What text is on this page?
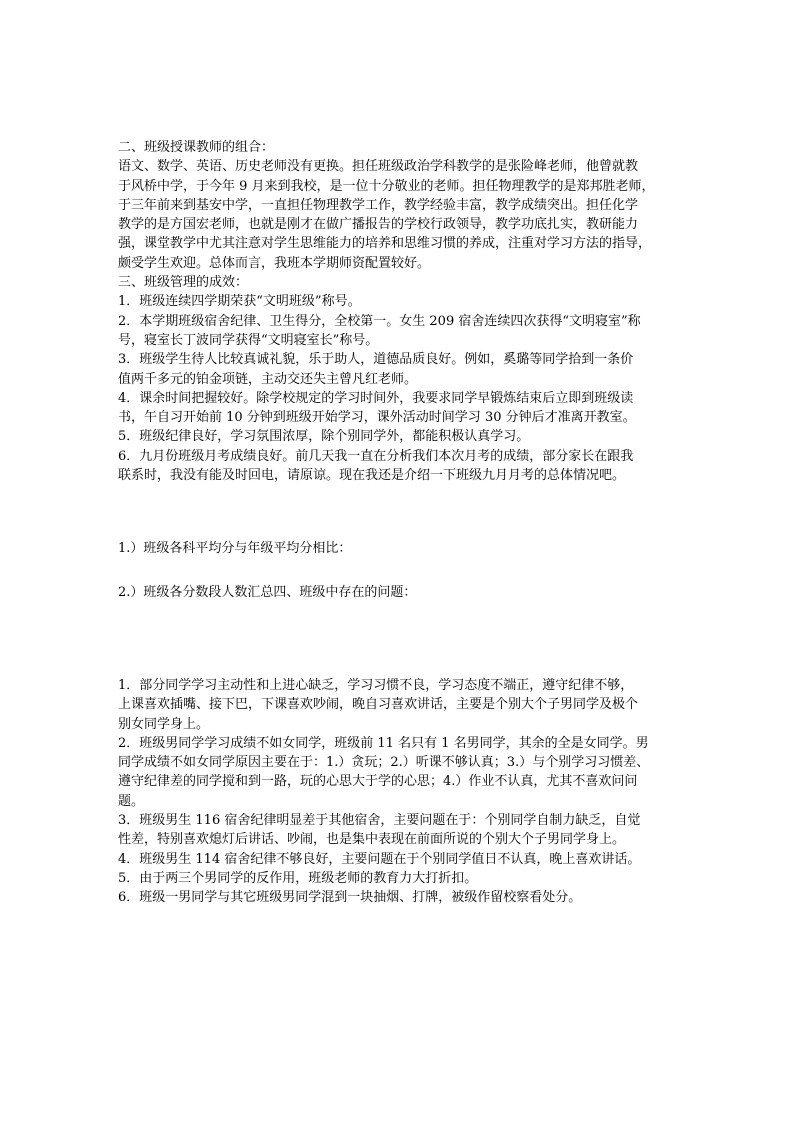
二、班级授课教师的组合：

语文、数学、英语、历史老师没有更换。担任班级政治学科教学的是张险峰老师，他曾就教

于风桥中学，于今年 9 月来到我校，是一位十分敬业的老师。担任物理教学的是郑邦胜老师，

于三年前来到基安中学，一直担任物理教学工作，教学经验丰富，教学成绩突出。担任化学

教学的是方国宏老师，也就是刚才在做广播报告的学校行政领导，教学功底扎实，教研能力

强，课堂教学中尤其注意对学生思维能力的培养和思维习惯的养成，注重对学习方法的指导，

颇受学生欢迎。总体而言，我班本学期师资配置较好。

三、班级管理的成效：

1．班级连续四学期荣获“文明班级”称号。

2．本学期班级宿舍纪律、卫生得分，全校第一。女生 209 宿舍连续四次获得“文明寝室”称

号，寝室长丁波同学获得“文明寝室长”称号。

3．班级学生待人比较真诚礼貌，乐于助人，道德品质良好。例如，奚璐等同学拾到一条价

值两千多元的铂金项链，主动交还失主曾凡红老师。

4．课余时间把握较好。除学校规定的学习时间外，我要求同学早锻炼结束后立即到班级读

书，午自习开始前 10 分钟到班级开始学习，课外活动时间学习 30 分钟后才准离开教室。

5．班级纪律良好，学习氛围浓厚，除个别同学外，都能积极认真学习。

6．九月份班级月考成绩良好。前几天我一直在分析我们本次月考的成绩，部分家长在跟我

联系时，我没有能及时回电，请原谅。现在我还是介绍一下班级九月月考的总体情况吧。

1.）班级各科平均分与年级平均分相比：

2.）班级各分数段人数汇总四、班级中存在的问题：

1．部分同学学习主动性和上进心缺乏，学习习惯不良，学习态度不端正，遵守纪律不够，

上课喜欢插嘴、接下巴，下课喜欢吵闹，晚自习喜欢讲话，主要是个别大个子男同学及极个

别女同学身上。

2．班级男同学学习成绩不如女同学，班级前 11 名只有 1 名男同学，其余的全是女同学。男

同学成绩不如女同学原因主要在于：1.）贪玩；2.）听课不够认真；3.）与个别学习习惯差、

遵守纪律差的同学搅和到一路，玩的心思大于学的心思；4.）作业不认真，尤其不喜欢问问

题。

3．班级男生 116 宿舍纪律明显差于其他宿舍，主要问题在于：个别同学自制力缺乏，自觉

性差，特别喜欢熄灯后讲话、吵闹，也是集中表现在前面所说的个别大个子男同学身上。

4．班级男生 114 宿舍纪律不够良好，主要问题在于个别同学值日不认真，晚上喜欢讲话。

5．由于两三个男同学的反作用，班级老师的教育力大打折扣。

6．班级一男同学与其它班级男同学混到一块抽烟、打牌，被级作留校察看处分。
